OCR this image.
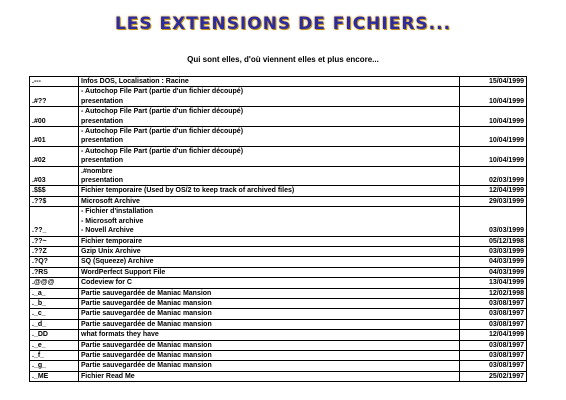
LES EXTENSIONS DE FICHIERS...
Qui sont elles, d'où viennent elles et plus encore...
.---	Infos DOS, Localisation : Racine	15/04/1999
.#??	- Autochop File Part (partie d'un fichier découpé)
presentation	10/04/1999
.#00	- Autochop File Part (partie d'un fichier découpé)
presentation	10/04/1999
.#01	- Autochop File Part (partie d'un fichier découpé)
presentation	10/04/1999
.#02	- Autochop File Part (partie d'un fichier découpé)
presentation	10/04/1999
.#03	.#nombre
presentation	02/03/1999
.$$$	Fichier temporaire (Used by OS/2 to keep track of archived files)	12/04/1999
.??$	Microsoft Archive	29/03/1999
.??_	- Fichier d'installation
- Microsoft archive
- Novell Archive	03/03/1999
.??~	Fichier temporaire	05/12/1998
.??Z	Gzip Unix Archive	03/03/1999
.?Q?	SQ (Squeeze) Archive	04/03/1999
.?RS	WordPerfect Support File	04/03/1999
.@@@	Codeview for C	13/04/1999
._a_	Partie sauvegardée de Maniac Mansion	12/02/1998
._b_	Partie sauvegardée de Maniac mansion	03/08/1997
._c_	Partie sauvegardée de Maniac mansion	03/08/1997
._d_	Partie sauvegardée de Maniac mansion	03/08/1997
._DD	what formats they have	12/04/1999
._e_	Partie sauvegardée de Maniac mansion	03/08/1997
._f_	Partie sauvegardée de Maniac mansion	03/08/1997
._g_	Partie sauvegardée de Maniac mansion	03/08/1997
._ME	Fichier Read Me	25/02/1997
